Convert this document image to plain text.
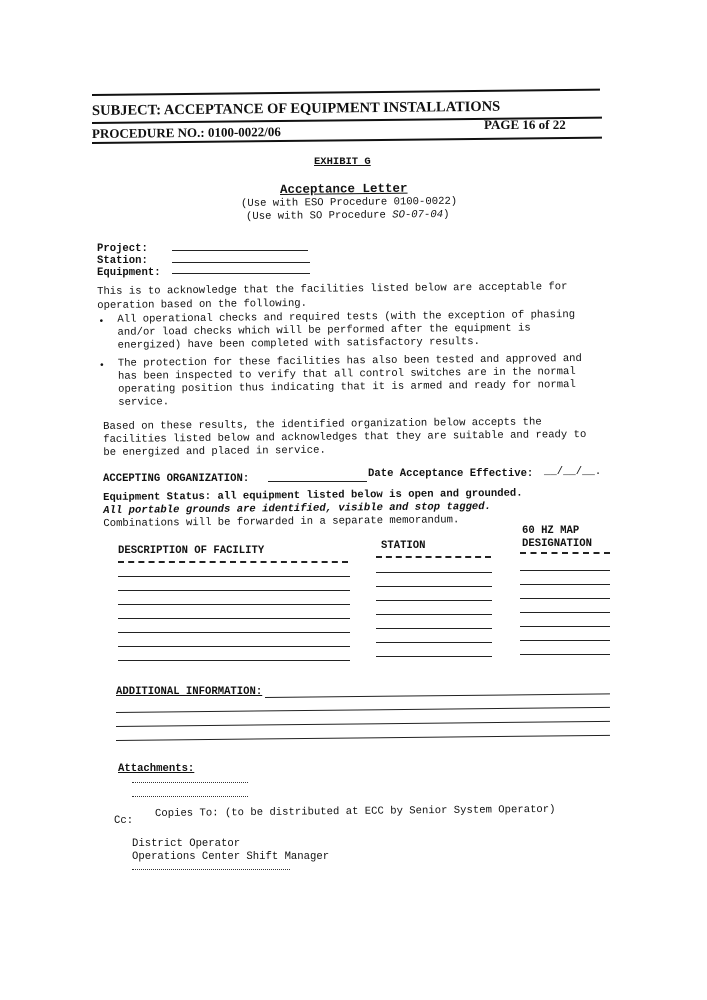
SUBJECT: ACCEPTANCE OF EQUIPMENT INSTALLATIONS
PROCEDURE NO.: 0100-0022/06	PAGE 16 of 22
EXHIBIT G
Acceptance Letter
(Use with ESO Procedure 0100-0022)
(Use with SO Procedure SO-07-04)
Project:
Station:
Equipment:
This is to acknowledge that the facilities listed below are acceptable for
operation based on the following.
• All operational checks and required tests (with the exception of phasing
and/or load checks which will be performed after the equipment is
energized) have been completed with satisfactory results.
• The protection for these facilities has also been tested and approved and
has been inspected to verify that all control switches are in the normal
operating position thus indicating that it is armed and ready for normal
service.
Based on these results, the identified organization below accepts the
facilities listed below and acknowledges that they are suitable and ready to
be energized and placed in service.
ACCEPTING ORGANIZATION:	Date Acceptance Effective: __/__/__.
Equipment Status: all equipment listed below is open and grounded.
All portable grounds are identified, visible and stop tagged.
Combinations will be forwarded in a separate memorandum.
DESCRIPTION OF FACILITY	STATION
60 HZ MAP
DESIGNATION
ADDITIONAL INFORMATION:
Attachments:
Cc:
Copies To: (to be distributed at ECC by Senior System Operator)
District Operator
Operations Center Shift Manager
